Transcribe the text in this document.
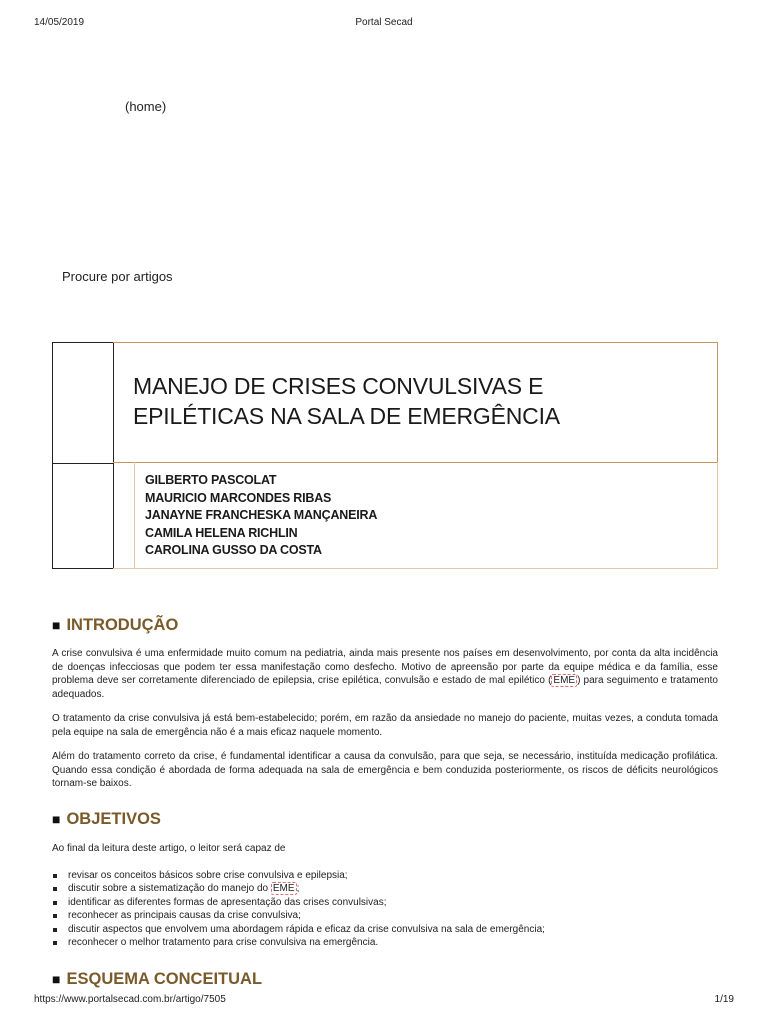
14/05/2019	Portal Secad
(home)
Procure por artigos
MANEJO DE CRISES CONVULSIVAS E
EPILÉTICAS NA SALA DE EMERGÊNCIA
GILBERTO PASCOLAT
MAURICIO MARCONDES RIBAS
JANAYNE FRANCHESKA MANÇANEIRA
CAMILA HELENA RICHLIN
CAROLINA GUSSO DA COSTA
■ INTRODUÇÃO

A crise convulsiva é uma enfermidade muito comum na pediatria, ainda mais presente nos países em desenvolvimento, por conta da alta incidência de doenças infecciosas que podem ter essa manifestação como desfecho. Motivo de apreensão por parte da equipe médica e da família, esse problema deve ser corretamente diferenciado de epilepsia, crise epilética, convulsão e estado de mal epilético ( EME ) para seguimento e tratamento adequados.

O tratamento da crise convulsiva já está bem-estabelecido; porém, em razão da ansiedade no manejo do paciente, muitas vezes, a conduta tomada pela equipe na sala de emergência não é a mais eficaz naquele momento.

Além do tratamento correto da crise, é fundamental identificar a causa da convulsão, para que seja, se necessário, instituída medicação profilática. Quando essa condição é abordada de forma adequada na sala de emergência e bem conduzida posteriormente, os riscos de déficits neurológicos tornam-se baixos.

■ OBJETIVOS

Ao final da leitura deste artigo, o leitor será capaz de

revisar os conceitos básicos sobre crise convulsiva e epilepsia;
discutir sobre a sistematização do manejo do EME ;
identificar as diferentes formas de apresentação das crises convulsivas;
reconhecer as principais causas da crise convulsiva;
discutir aspectos que envolvem uma abordagem rápida e eficaz da crise convulsiva na sala de emergência;
reconhecer o melhor tratamento para crise convulsiva na emergência.
■ ESQUEMA CONCEITUAL
https://www.portalsecad.com.br/artigo/7505	1/19
